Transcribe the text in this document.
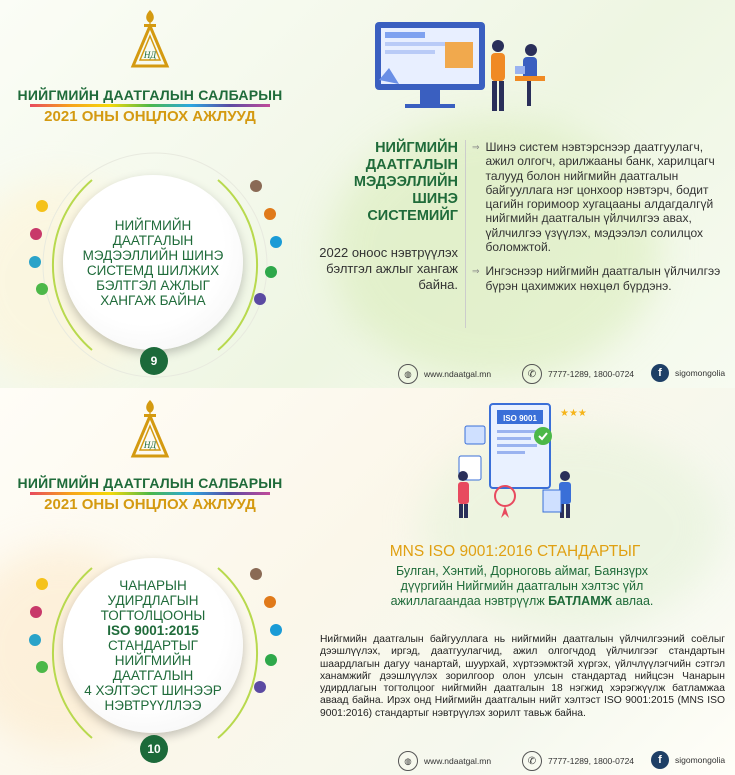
НД
НИЙГМИЙН ДААТГАЛЫН САЛБАРЫН
2021 ОНЫ ОНЦЛОХ АЖЛУУД
НИЙГМИЙН ДААТГАЛЫН МЭДЭЭЛЛИЙН ШИНЭ СИСТЕМД ШИЛЖИХ БЭЛТГЭЛ АЖЛЫГ ХАНГАЖ БАЙНА
9
НИЙГМИЙН ДААТГАЛЫН МЭДЭЭЛЛИЙН ШИНЭ СИСТЕМИЙГ
2022 оноос нэвтрүүлэх бэлтгэл ажлыг хангаж байна.
⇒ Шинэ систем нэвтэрснээр даатгуулагч, ажил олгогч, арилжааны банк, харилцагч талууд болон нийгмийн даатгалын байгууллага нэг цонхоор нэвтэрч, бодит цагийн горимоор хугацааны алдагдалгүй нийгмийн даатгалын үйлчилгээ авах, үйлчилгээ үзүүлэх, мэдээлэл солилцох боломжтой.
⇒ Ингэснээр нийгмийн даатгалын үйлчилгээ бүрэн цахимжих нөхцөл бүрдэнэ.
◍	www.ndaatgal.mn	✆	7777-1289, 1800-0724	f	sigomongolia
НД
НИЙГМИЙН ДААТГАЛЫН САЛБАРЫН
2021 ОНЫ ОНЦЛОХ АЖЛУУД
ЧАНАРЫН УДИРДЛАГЫН
ТОГТОЛЦООНЫ
ISO 9001:2015 СТАНДАРТЫГ
НИЙГМИЙН ДААТГАЛЫН
4 ХЭЛТЭСТ ШИНЭЭР
НЭВТРҮҮЛЛЭЭ
10
ISO 9001 ★★★
MNS ISO 9001:2016 СТАНДАРТЫГ
Булган, Хэнтий, Дорноговь аймаг, Баянзүрх дүүргийн Нийгмийн даатгалын хэлтэс үйл ажиллагаандаа нэвтрүүлж БАТЛАМЖ авлаа.
Нийгмийн даатгалын байгууллага нь нийгмийн даатгалын үйлчилгээний соёлыг дээшлүүлэх, иргэд, даатгуулагчид, ажил олгогчдод үйлчилгээг стандартын шаардлагын дагуу чанартай, шуурхай, хүртээмжтэй хүргэх, үйлчлүүлэгчийн сэтгэл ханамжийг дээшлүүлэх зорилгоор олон улсын стандартад нийцсэн Чанарын удирдлагын тогтолцоог нийгмийн даатгалын 18 нэгжид хэрэгжүүлж батламжаа аваад байна. Ирэх онд Нийгмийн даатгалын нийт хэлтэст ISO 9001:2015 (MNS ISO 9001:2016) стандартыг нэвтрүүлэх зорилт тавьж байна.
◍	www.ndaatgal.mn	✆	7777-1289, 1800-0724	f	sigomongolia
